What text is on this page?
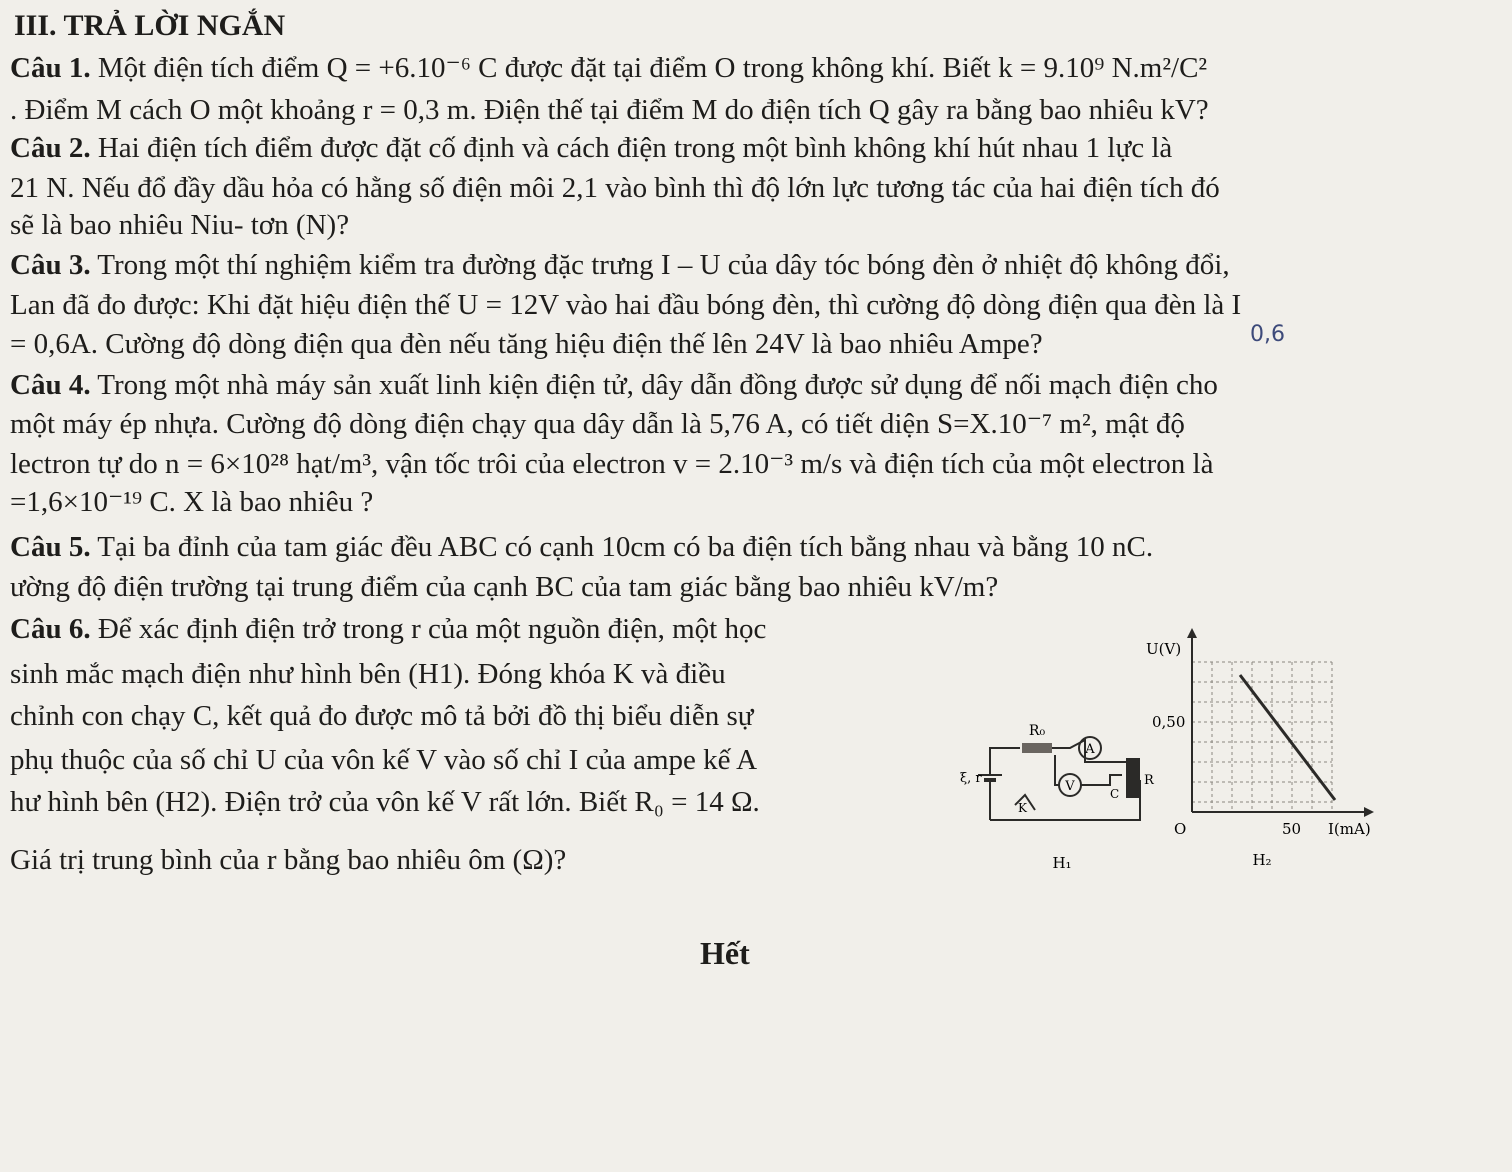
III. TRẢ LỜI NGẮN
Câu 1. Một điện tích điểm Q = +6.10⁻⁶ C được đặt tại điểm O trong không khí. Biết k = 9.10⁹ N.m²/C²
. Điểm M cách O một khoảng r = 0,3 m. Điện thế tại điểm M do điện tích Q gây ra bằng bao nhiêu kV?
Câu 2. Hai điện tích điểm được đặt cố định và cách điện trong một bình không khí hút nhau 1 lực là
21 N. Nếu đổ đầy dầu hỏa có hằng số điện môi 2,1 vào bình thì độ lớn lực tương tác của hai điện tích đó
sẽ là bao nhiêu Niu- tơn (N)?
Câu 3. Trong một thí nghiệm kiểm tra đường đặc trưng I – U của dây tóc bóng đèn ở nhiệt độ không đổi,
Lan đã đo được: Khi đặt hiệu điện thế U = 12V vào hai đầu bóng đèn, thì cường độ dòng điện qua đèn là I
= 0,6A. Cường độ dòng điện qua đèn nếu tăng hiệu điện thế lên 24V là bao nhiêu Ampe?
Câu 4. Trong một nhà máy sản xuất linh kiện điện tử, dây dẫn đồng được sử dụng để nối mạch điện cho
một máy ép nhựa. Cường độ dòng điện chạy qua dây dẫn là 5,76 A, có tiết diện S=X.10⁻⁷ m², mật độ
lectron tự do n = 6×10²⁸ hạt/m³, vận tốc trôi của electron v = 2.10⁻³ m/s và điện tích của một electron là
=1,6×10⁻¹⁹ C. X là bao nhiêu ?
Câu 5. Tại ba đỉnh của tam giác đều ABC có cạnh 10cm có ba điện tích bằng nhau và bằng 10 nC.
ường độ điện trường tại trung điểm của cạnh BC của tam giác bằng bao nhiêu kV/m?
Câu 6. Để xác định điện trở trong r của một nguồn điện, một học
sinh mắc mạch điện như hình bên (H1). Đóng khóa K và điều
chỉnh con chạy C, kết quả đo được mô tả bởi đồ thị biểu diễn sự
phụ thuộc của số chỉ U của vôn kế V vào số chỉ I của ampe kế A
hư hình bên (H2). Điện trở của vôn kế V rất lớn. Biết R₀ = 14 Ω.
Giá trị trung bình của r bằng bao nhiêu ôm (Ω)?
0,6
R₀
A
V
ξ, r
C
R
K
H₁
U(V)
I(mA)
0,50
50
O
H₂
Hết
